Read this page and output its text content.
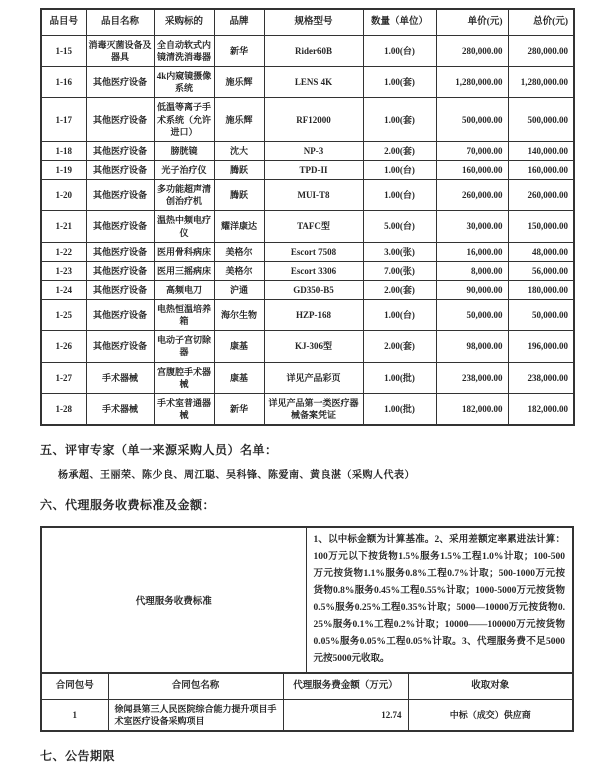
品目号	品目名称	采购标的	品牌	规格型号	数量（单位）	单价(元)	总价(元)
1-15	消毒灭菌设备及器具	全自动软式内镜清洗消毒器	新华	Rider60B	1.00(台)	280,000.00	280,000.00
1-16	其他医疗设备	4k内窥镜摄像系统	施乐辉	LENS 4K	1.00(套)	1,280,000.00	1,280,000.00
1-17	其他医疗设备	低温等离子手术系统（允许进口）	施乐辉	RF12000	1.00(套)	500,000.00	500,000.00
1-18	其他医疗设备	膀胱镜	沈大	NP-3	2.00(套)	70,000.00	140,000.00
1-19	其他医疗设备	光子治疗仪	腾跃	TPD-II	1.00(台)	160,000.00	160,000.00
1-20	其他医疗设备	多功能超声清创治疗机	腾跃	MUI-T8	1.00(台)	260,000.00	260,000.00
1-21	其他医疗设备	温热中频电疗仪	耀洋康达	TAFC型	5.00(台)	30,000.00	150,000.00
1-22	其他医疗设备	医用骨科病床	美格尔	Escort 7508	3.00(张)	16,000.00	48,000.00
1-23	其他医疗设备	医用三摇病床	美格尔	Escort 3306	7.00(张)	8,000.00	56,000.00
1-24	其他医疗设备	高频电刀	沪通	GD350-B5	2.00(套)	90,000.00	180,000.00
1-25	其他医疗设备	电热恒温培养箱	海尔生物	HZP-168	1.00(台)	50,000.00	50,000.00
1-26	其他医疗设备	电动子宫切除器	康基	KJ-306型	2.00(套)	98,000.00	196,000.00
1-27	手术器械	宫腹腔手术器械	康基	详见产品彩页	1.00(批)	238,000.00	238,000.00
1-28	手术器械	手术室普通器械	新华	详见产品第一类医疗器械备案凭证	1.00(批)	182,000.00	182,000.00
五、评审专家（单一来源采购人员）名单：
杨承超、王丽荣、陈少良、周江聪、吴科锋、陈爱南、黄良湛（采购人代表）
六、代理服务收费标准及金额：
代理服务收费标准	1、以中标金额为计算基准。2、采用差额定率累进法计算：100万元以下按货物1.5%服务1.5%工程1.0%计取；100-500万元按货物1.1%服务0.8%工程0.7%计取；500-1000万元按货物0.8%服务0.45%工程0.55%计取；1000-5000万元按货物0.5%服务0.25%工程0.35%计取；5000—10000万元按货物0.25%服务0.1%工程0.2%计取；10000——100000万元按货物0.05%服务0.05%工程0.05%计取。3、代理服务费不足5000元按5000元收取。
合同包号	合同包名称	代理服务费金额（万元）	收取对象
1	徐闻县第三人民医院综合能力提升项目手术室医疗设备采购项目	12.74	中标（成交）供应商
七、公告期限
